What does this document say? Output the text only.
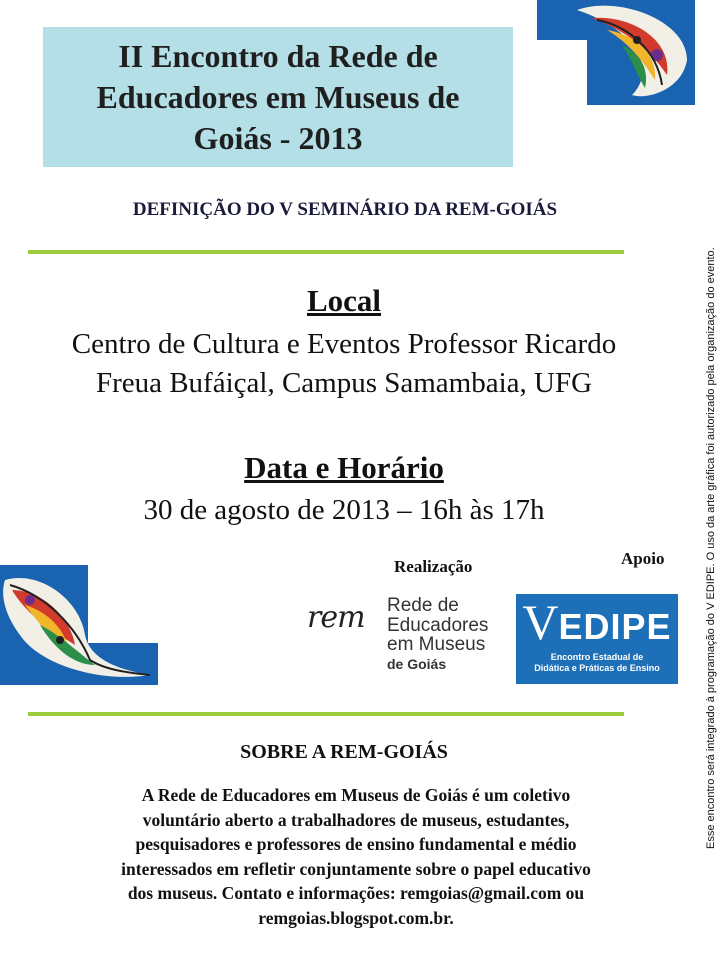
II Encontro da Rede de
Educadores em Museus de
Goiás - 2013
DEFINIÇÃO DO V SEMINÁRIO DA REM-GOIÁS
Local
Centro de Cultura e Eventos Professor Ricardo
Freua Bufáiçal, Campus Samambaia, UFG
Data e Horário
30 de agosto de 2013 – 16h às 17h
Realização	Apoio
rem Rede de
Educadores
em Museus
de Goiás
VEDIPE
Encontro Estadual de
Didática e Práticas de Ensino
SOBRE A REM-GOIÁS
A Rede de Educadores em Museus de Goiás é um coletivo
voluntário aberto a trabalhadores de museus, estudantes,
pesquisadores e professores de ensino fundamental e médio
interessados em refletir conjuntamente sobre o papel educativo
dos museus. Contato e informações: remgoias@gmail.com ou
remgoias.blogspot.com.br.
Esse encontro será integrado à programação do V EDIPE. O uso da arte gráfica foi autorizado pela organização do evento.
